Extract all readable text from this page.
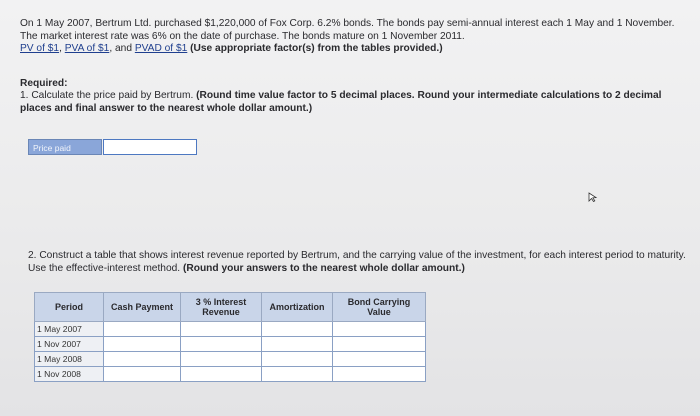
On 1 May 2007, Bertrum Ltd. purchased $1,220,000 of Fox Corp. 6.2% bonds. The bonds pay semi-annual interest each 1 May and 1 November. The market interest rate was 6% on the date of purchase. The bonds mature on 1 November 2011.
PV of $1, PVA of $1, and PVAD of $1 (Use appropriate factor(s) from the tables provided.)
Required:
1. Calculate the price paid by Bertrum. (Round time value factor to 5 decimal places. Round your intermediate calculations to 2 decimal places and final answer to the nearest whole dollar amount.)
Price paid
2. Construct a table that shows interest revenue reported by Bertrum, and the carrying value of the investment, for each interest period to maturity. Use the effective-interest method. (Round your answers to the nearest whole dollar amount.)
Period	Cash Payment	3 % Interest Revenue	Amortization	Bond Carrying Value
1 May 2007				
1 Nov 2007				
1 May 2008				
1 Nov 2008				
